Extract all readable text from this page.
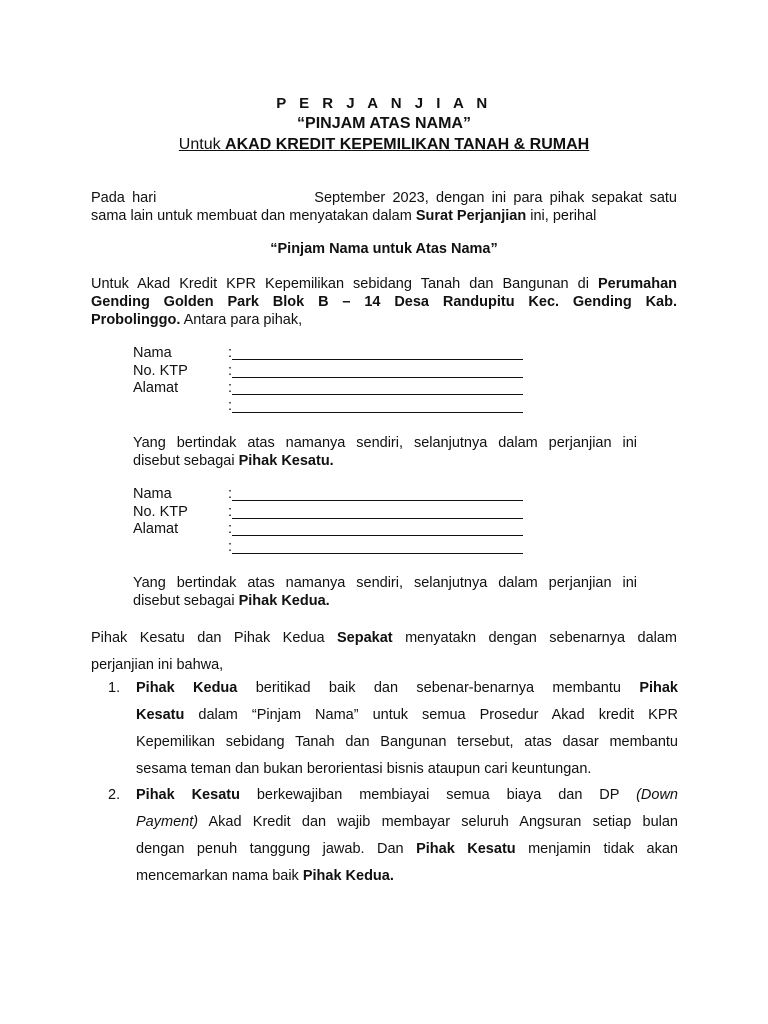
P E R J A N J I A N
“PINJAM ATAS NAMA”
Untuk AKAD KREDIT KEPEMILIKAN TANAH & RUMAH
Pada hari	September 2023, dengan ini para pihak sepakat satu
sama lain untuk membuat dan menyatakan dalam Surat Perjanjian ini, perihal
“Pinjam Nama untuk Atas Nama”
Untuk Akad Kredit KPR Kepemilikan sebidang Tanah dan Bangunan di Perumahan
Gending Golden Park Blok B – 14 Desa Randupitu Kec. Gending Kab.
Probolinggo. Antara para pihak,
Nama	:
No. KTP	:
Alamat	:
:
Yang bertindak atas namanya sendiri, selanjutnya dalam perjanjian ini
disebut sebagai Pihak Kesatu.
Nama	:
No. KTP	:
Alamat	:
:
Yang bertindak atas namanya sendiri, selanjutnya dalam perjanjian ini
disebut sebagai Pihak Kedua.
Pihak Kesatu dan Pihak Kedua Sepakat menyatakn dengan sebenarnya dalam
perjanjian ini bahwa,
1.	Pihak Kedua beritikad baik dan sebenar-benarnya membantu Pihak
Kesatu dalam “Pinjam Nama” untuk semua Prosedur Akad kredit KPR
Kepemilikan sebidang Tanah dan Bangunan tersebut, atas dasar membantu
sesama teman dan bukan berorientasi bisnis ataupun cari keuntungan.
2.	Pihak Kesatu berkewajiban membiayai semua biaya dan DP (Down
Payment) Akad Kredit dan wajib membayar seluruh Angsuran setiap bulan
dengan penuh tanggung jawab. Dan Pihak Kesatu menjamin tidak akan
mencemarkan nama baik Pihak Kedua.
